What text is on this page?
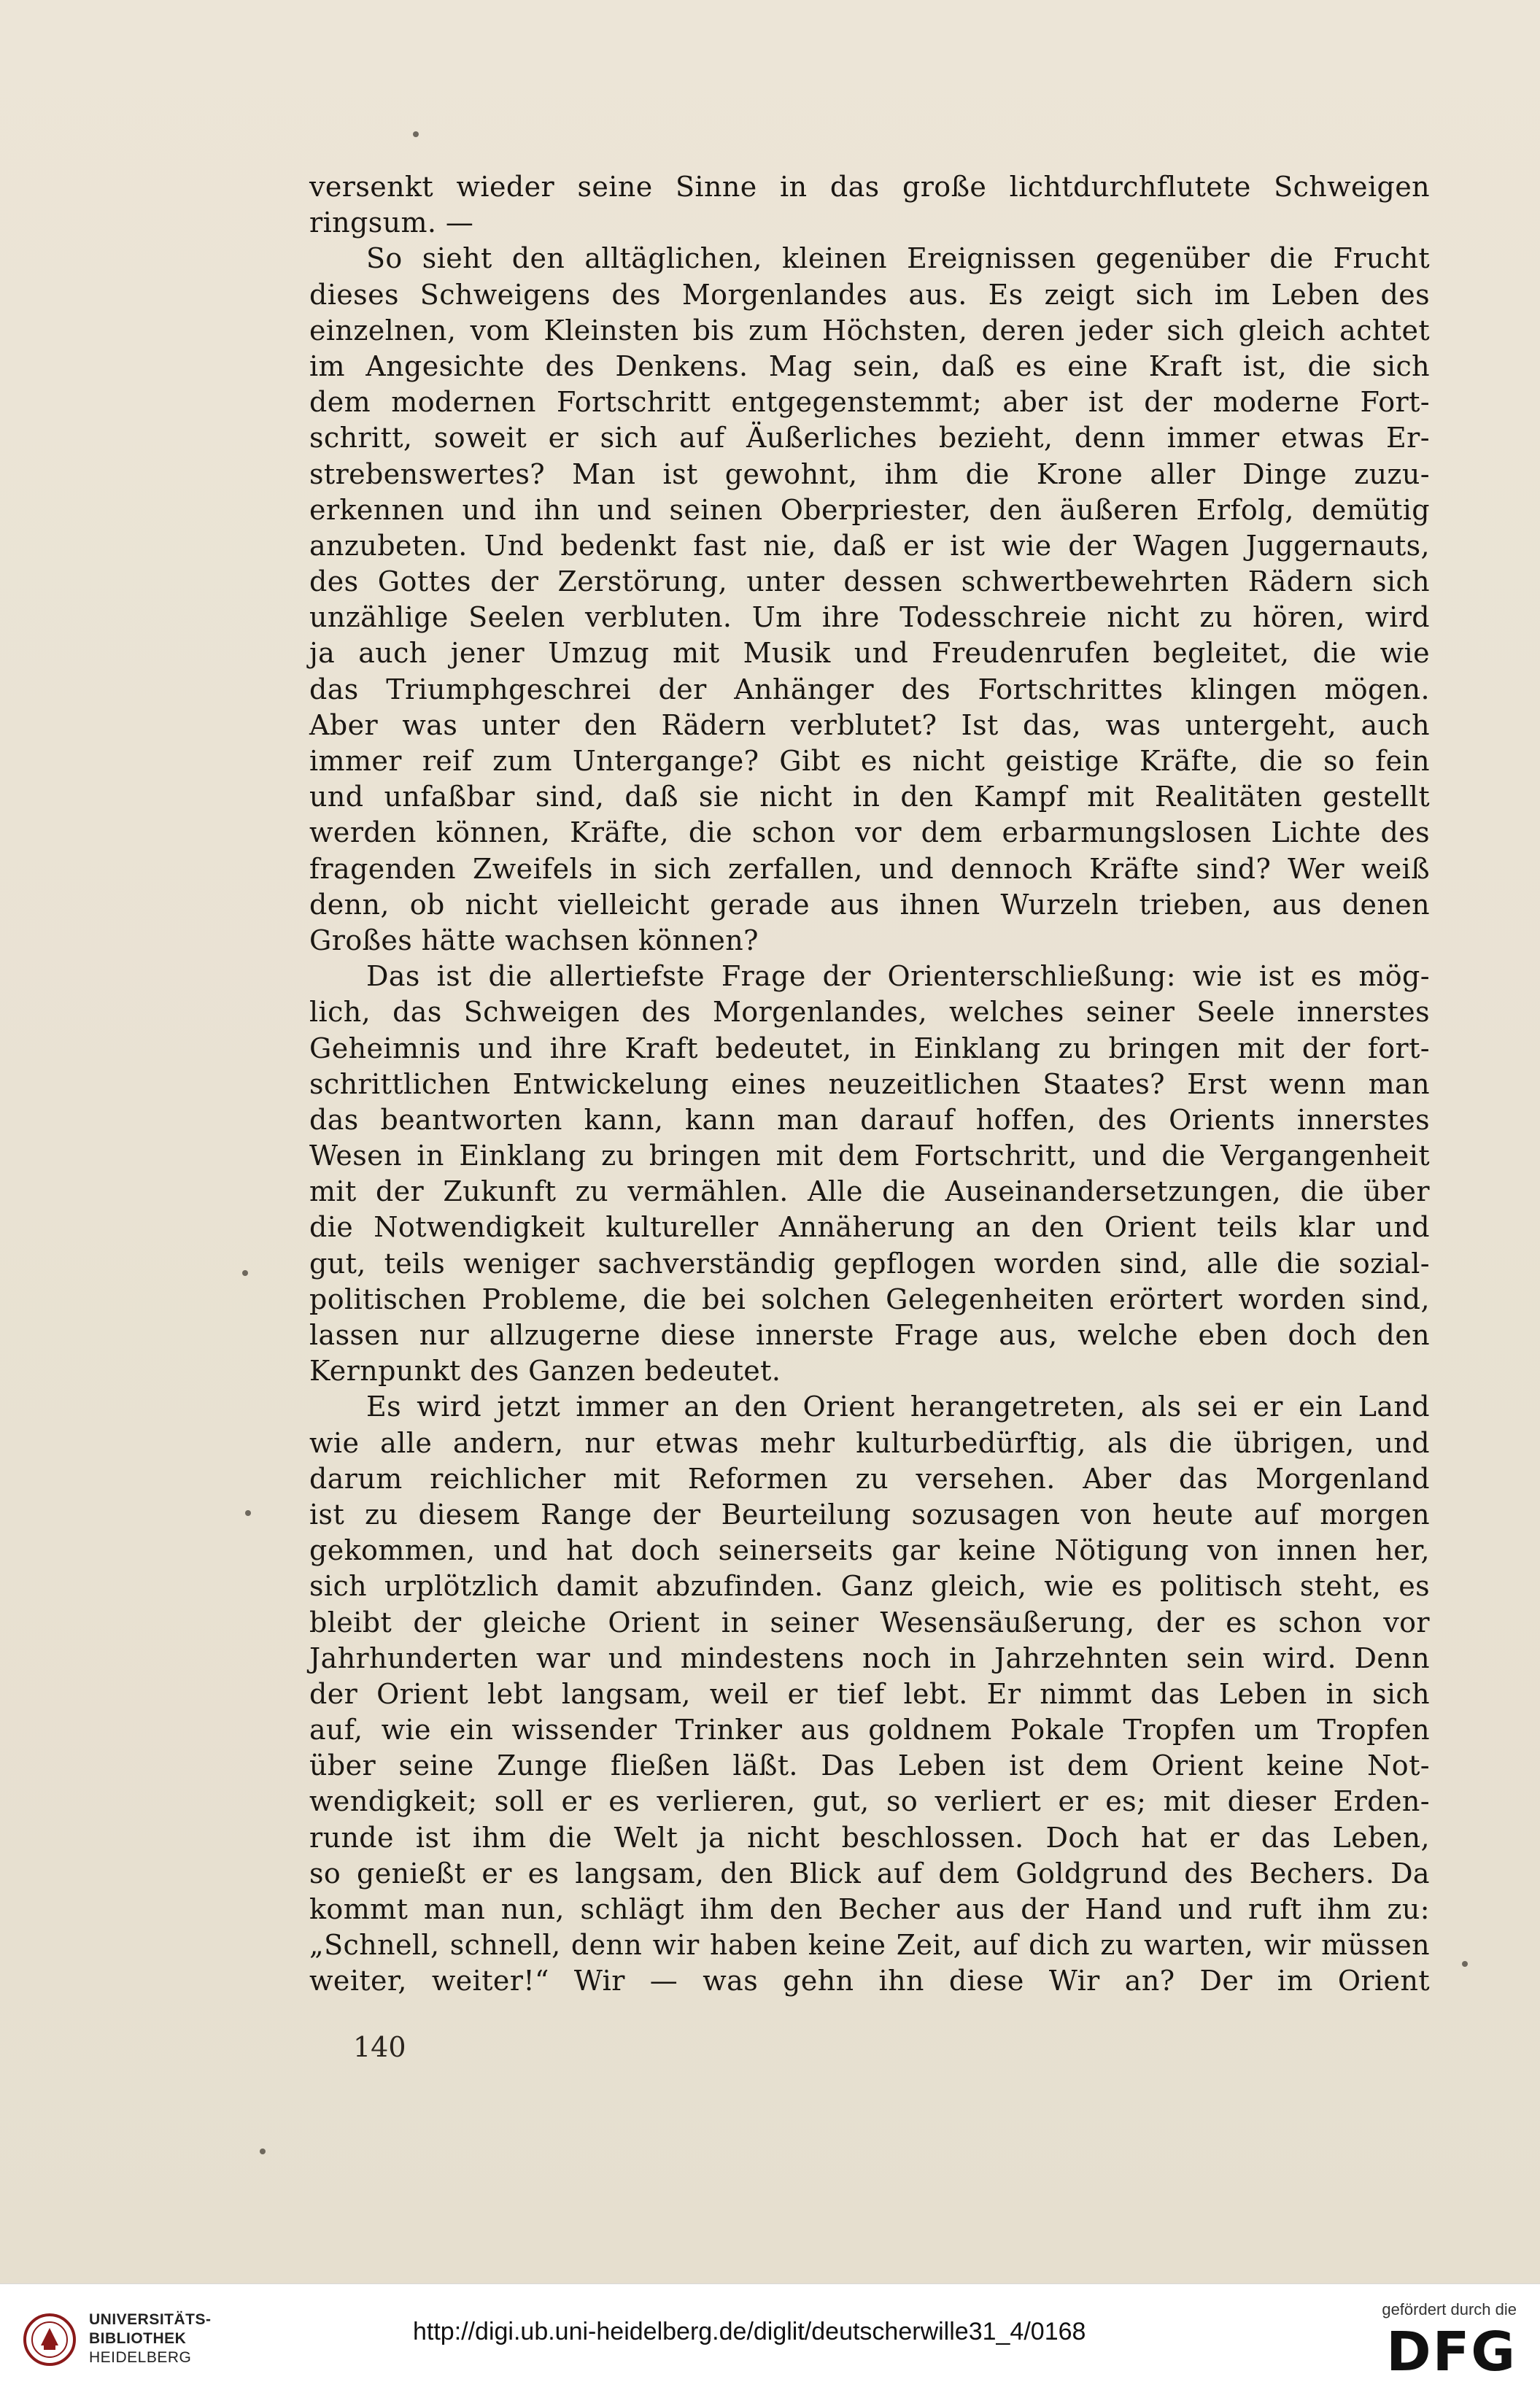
versenkt wieder seine Sinne in das große lichtdurchflutete Schweigen
ringsum. —
So sieht den alltäglichen, kleinen Ereignissen gegenüber die Frucht
dieses Schweigens des Morgenlandes aus. Es zeigt sich im Leben des
einzelnen, vom Kleinsten bis zum Höchsten, deren jeder sich gleich achtet
im Angesichte des Denkens. Mag sein, daß es eine Kraft ist, die sich
dem modernen Fortschritt entgegenstemmt; aber ist der moderne Fort-
schritt, soweit er sich auf Äußerliches bezieht, denn immer etwas Er-
strebenswertes? Man ist gewohnt, ihm die Krone aller Dinge zuzu-
erkennen und ihn und seinen Oberpriester, den äußeren Erfolg, demütig
anzubeten. Und bedenkt fast nie, daß er ist wie der Wagen Juggernauts,
des Gottes der Zerstörung, unter dessen schwertbewehrten Rädern sich
unzählige Seelen verbluten. Um ihre Todesschreie nicht zu hören, wird
ja auch jener Umzug mit Musik und Freudenrufen begleitet, die wie
das Triumphgeschrei der Anhänger des Fortschrittes klingen mögen.
Aber was unter den Rädern verblutet? Ist das, was untergeht, auch
immer reif zum Untergange? Gibt es nicht geistige Kräfte, die so fein
und unfaßbar sind, daß sie nicht in den Kampf mit Realitäten gestellt
werden können, Kräfte, die schon vor dem erbarmungslosen Lichte des
fragenden Zweifels in sich zerfallen, und dennoch Kräfte sind? Wer weiß
denn, ob nicht vielleicht gerade aus ihnen Wurzeln trieben, aus denen
Großes hätte wachsen können?
Das ist die allertiefste Frage der Orienterschließung: wie ist es mög-
lich, das Schweigen des Morgenlandes, welches seiner Seele innerstes
Geheimnis und ihre Kraft bedeutet, in Einklang zu bringen mit der fort-
schrittlichen Entwickelung eines neuzeitlichen Staates? Erst wenn man
das beantworten kann, kann man darauf hoffen, des Orients innerstes
Wesen in Einklang zu bringen mit dem Fortschritt, und die Vergangenheit
mit der Zukunft zu vermählen. Alle die Auseinandersetzungen, die über
die Notwendigkeit kultureller Annäherung an den Orient teils klar und
gut, teils weniger sachverständig gepflogen worden sind, alle die sozial-
politischen Probleme, die bei solchen Gelegenheiten erörtert worden sind,
lassen nur allzugerne diese innerste Frage aus, welche eben doch den
Kernpunkt des Ganzen bedeutet.
Es wird jetzt immer an den Orient herangetreten, als sei er ein Land
wie alle andern, nur etwas mehr kulturbedürftig, als die übrigen, und
darum reichlicher mit Reformen zu versehen. Aber das Morgenland
ist zu diesem Range der Beurteilung sozusagen von heute auf morgen
gekommen, und hat doch seinerseits gar keine Nötigung von innen her,
sich urplötzlich damit abzufinden. Ganz gleich, wie es politisch steht, es
bleibt der gleiche Orient in seiner Wesensäußerung, der es schon vor
Jahrhunderten war und mindestens noch in Jahrzehnten sein wird. Denn
der Orient lebt langsam, weil er tief lebt. Er nimmt das Leben in sich
auf, wie ein wissender Trinker aus goldnem Pokale Tropfen um Tropfen
über seine Zunge fließen läßt. Das Leben ist dem Orient keine Not-
wendigkeit; soll er es verlieren, gut, so verliert er es; mit dieser Erden-
runde ist ihm die Welt ja nicht beschlossen. Doch hat er das Leben,
so genießt er es langsam, den Blick auf dem Goldgrund des Bechers. Da
kommt man nun, schlägt ihm den Becher aus der Hand und ruft ihm zu:
„Schnell, schnell, denn wir haben keine Zeit, auf dich zu warten, wir müssen
weiter, weiter!“ Wir — was gehn ihn diese Wir an? Der im Orient
140
UNIVERSITÄTS-
BIBLIOTHEK
HEIDELBERG
http://digi.ub.uni-heidelberg.de/diglit/deutscherwille31_4/0168
gefördert durch die
DFG
